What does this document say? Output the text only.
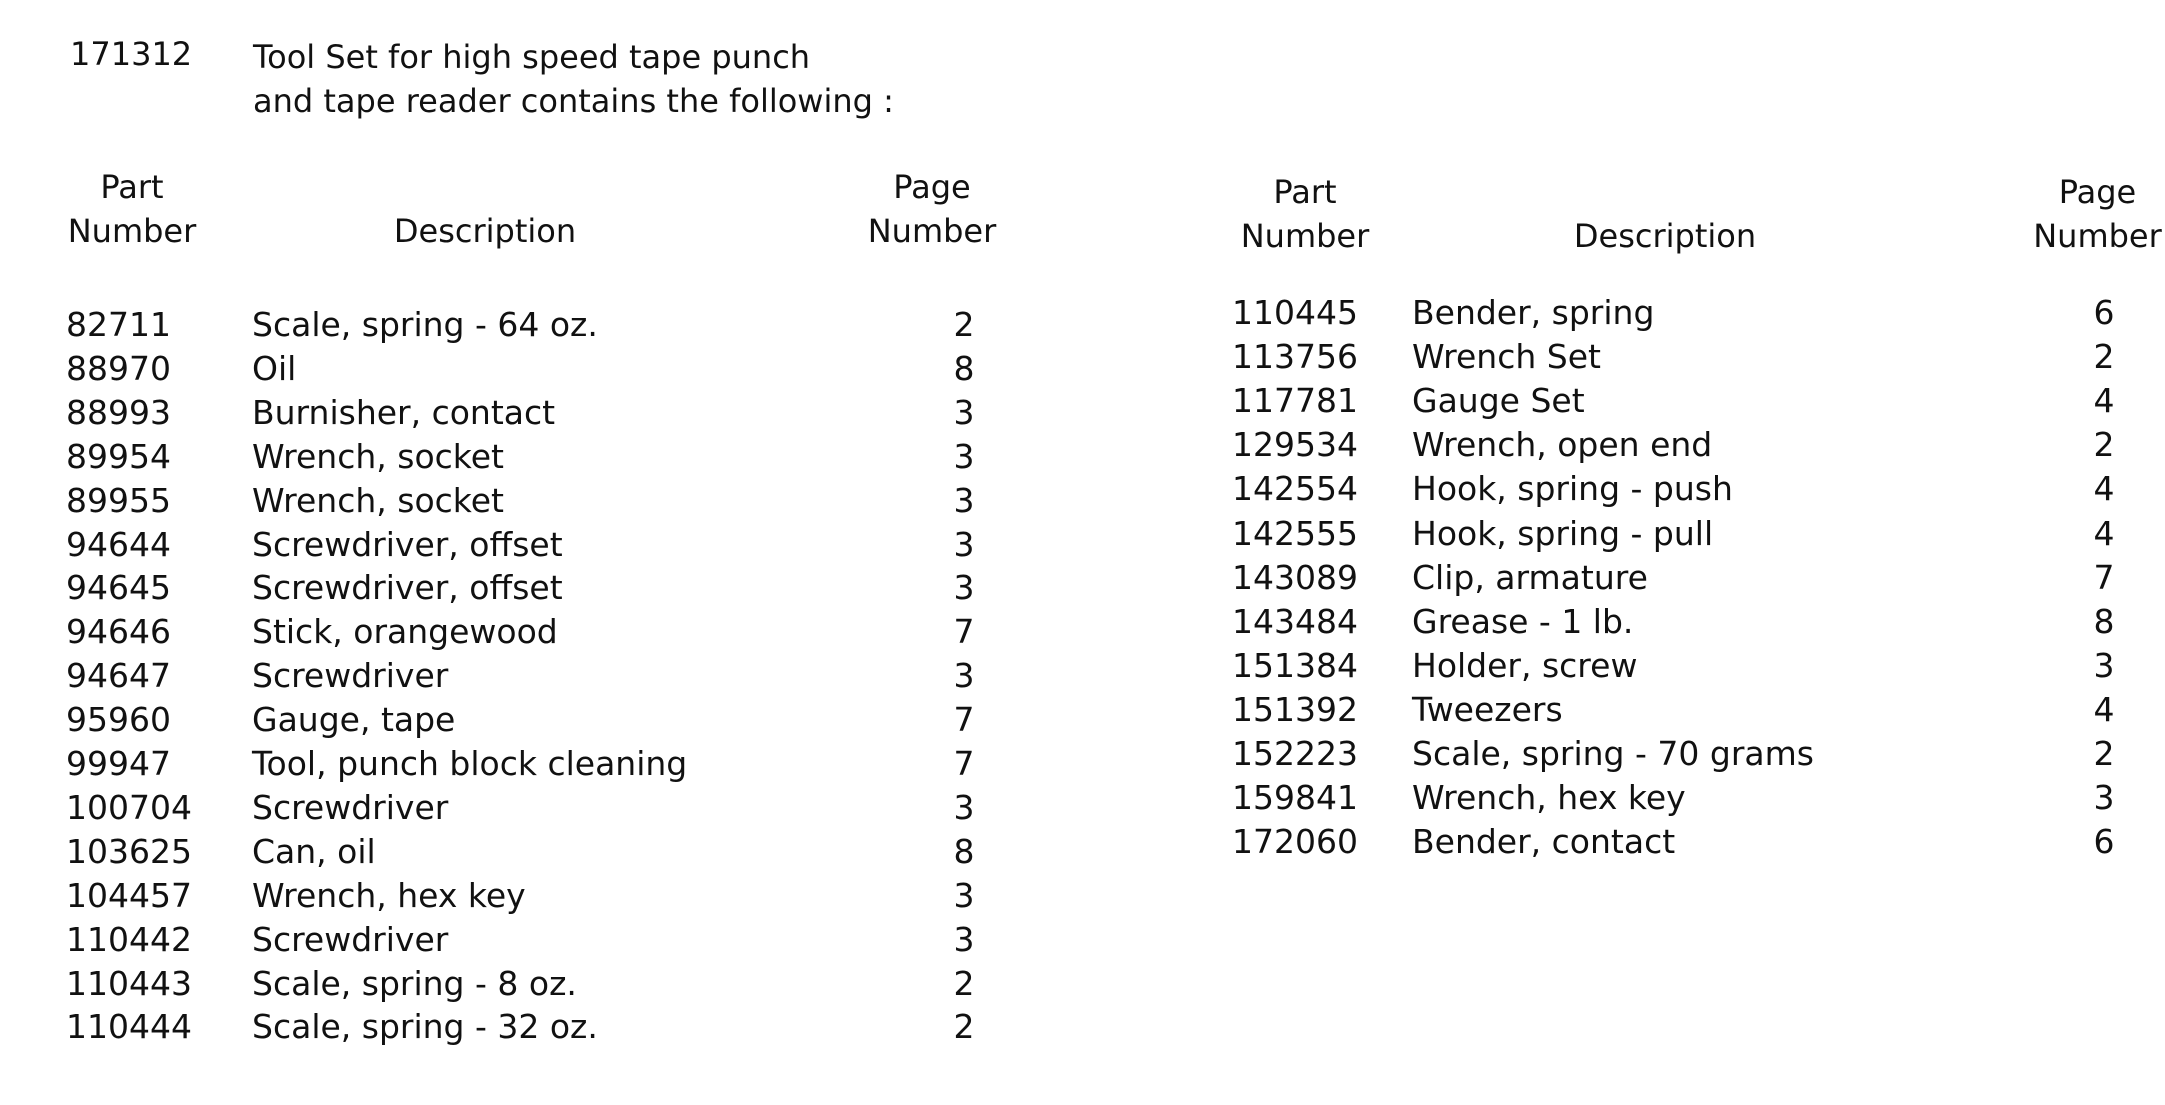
171312 Tool Set for high speed tape punch
and tape reader contains the following :
Part
Number	Description
Page
Number
Part
Number	Description
Page
Number
82711 Scale, spring - 64 oz.	2
88970 Oil	8
88993 Burnisher, contact	3
89954 Wrench, socket	3
89955 Wrench, socket	3
94644 Screwdriver, offset	3
94645 Screwdriver, offset	3
94646 Stick, orangewood	7
94647 Screwdriver	3
95960 Gauge, tape	7
99947 Tool, punch block cleaning	7
100704 Screwdriver	3
103625 Can, oil	8
104457 Wrench, hex key	3
110442 Screwdriver	3
110443 Scale, spring - 8 oz.	2
110444 Scale, spring - 32 oz.	2
110445 Bender, spring	6
113756 Wrench Set	2
117781 Gauge Set	4
129534 Wrench, open end	2
142554 Hook, spring - push	4
142555 Hook, spring - pull	4
143089 Clip, armature	7
143484 Grease - 1 lb.	8
151384 Holder, screw	3
151392 Tweezers	4
152223 Scale, spring - 70 grams	2
159841 Wrench, hex key	3
172060 Bender, contact	6
